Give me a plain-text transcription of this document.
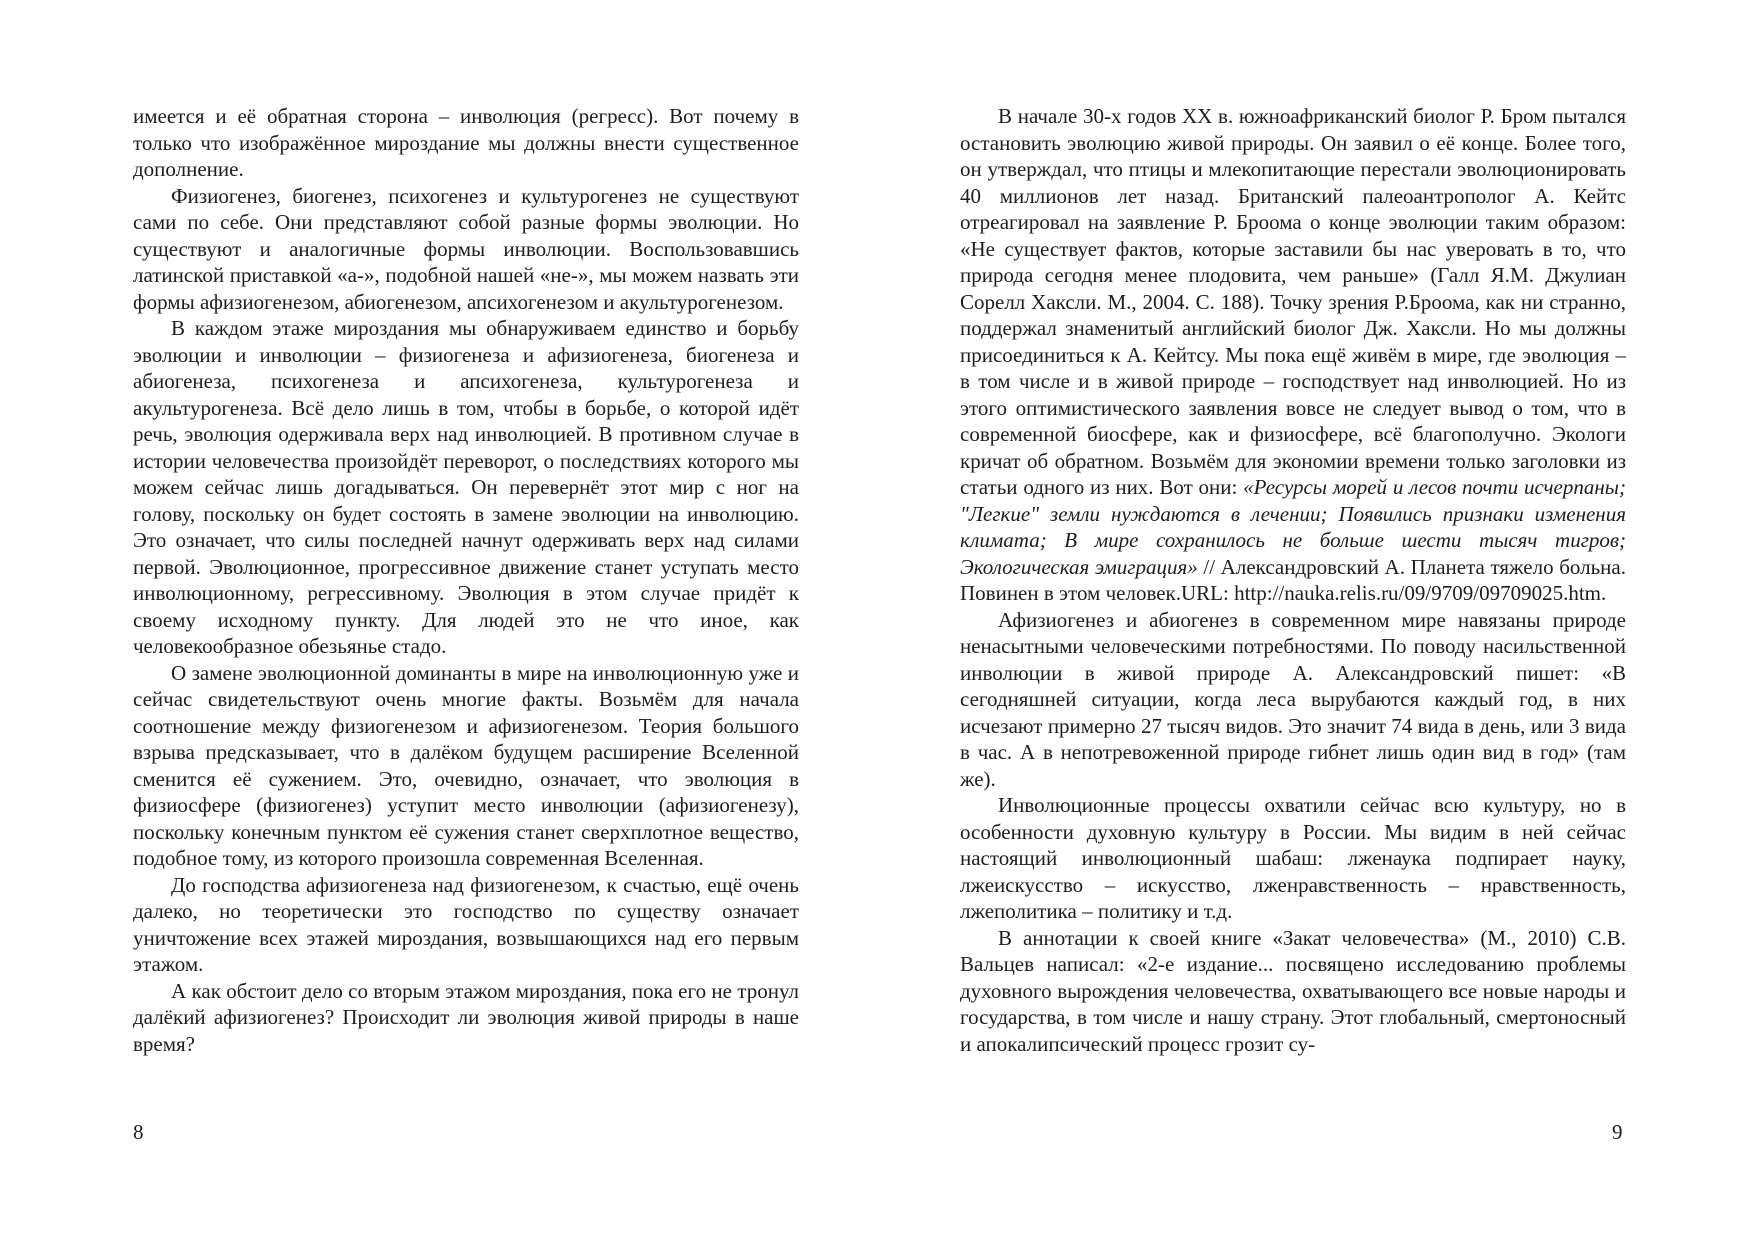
имеется и её обратная сторона – инволюция (регресс). Вот почему в только что изображённое мироздание мы должны внести существенное дополнение.

Физиогенез, биогенез, психогенез и культурогенез не существуют сами по себе. Они представляют собой разные формы эволюции. Но существуют и аналогичные формы инволюции. Воспользовавшись латинской приставкой «а-», подобной нашей «не-», мы можем назвать эти формы афизиогенезом, абиогенезом, апсихогенезом и акультурогенезом.

В каждом этаже мироздания мы обнаруживаем единство и борьбу эволюции и инволюции – физиогенеза и афизиогенеза, биогенеза и абиогенеза, психогенеза и апсихогенеза, культурогенеза и акультурогенеза. Всё дело лишь в том, чтобы в борьбе, о которой идёт речь, эволюция одерживала верх над инволюцией. В противном случае в истории человечества произойдёт переворот, о последствиях которого мы можем сейчас лишь догадываться. Он перевернёт этот мир с ног на голову, поскольку он будет состоять в замене эволюции на инволюцию. Это означает, что силы последней начнут одерживать верх над силами первой. Эволюционное, прогрессивное движение станет уступать место инволюционному, регрессивному. Эволюция в этом случае придёт к своему исходному пункту. Для людей это не что иное, как человекообразное обезьянье стадо.

О замене эволюционной доминанты в мире на инволюционную уже и сейчас свидетельствуют очень многие факты. Возьмём для начала соотношение между физиогенезом и афизиогенезом. Теория большого взрыва предсказывает, что в далёком будущем расширение Вселенной сменится её сужением. Это, очевидно, означает, что эволюция в физиосфере (физиогенез) уступит место инволюции (афизиогенезу), поскольку конечным пунктом её сужения станет сверхплотное вещество, подобное тому, из которого произошла современная Вселенная.

До господства афизиогенеза над физиогенезом, к счастью, ещё очень далеко, но теоретически это господство по существу означает уничтожение всех этажей мироздания, возвышающихся над его первым этажом.

А как обстоит дело со вторым этажом мироздания, пока его не тронул далёкий афизиогенез? Происходит ли эволюция живой природы в наше время?

8

В начале 30-х годов XX в. южноафриканский биолог Р. Бром пытался остановить эволюцию живой природы. Он заявил о её конце. Более того, он утверждал, что птицы и млекопитающие перестали эволюционировать 40 миллионов лет назад. Британский палеоантрополог А. Кейтс отреагировал на заявление Р. Броома о конце эволюции таким образом: «Не существует фактов, которые заставили бы нас уверовать в то, что природа сегодня менее плодовита, чем раньше» (Галл Я.М. Джулиан Сорелл Хаксли. М., 2004. С. 188). Точку зрения Р.Броома, как ни странно, поддержал знаменитый английский биолог Дж. Хаксли. Но мы должны присоединиться к А. Кейтсу. Мы пока ещё живём в мире, где эволюция – в том числе и в живой природе – господствует над инволюцией. Но из этого оптимистического заявления вовсе не следует вывод о том, что в современной биосфере, как и физиосфере, всё благополучно. Экологи кричат об обратном. Возьмём для экономии времени только заголовки из статьи одного из них. Вот они: «Ресурсы морей и лесов почти исчерпаны; "Легкие" земли нуждаются в лечении; Появились признаки изменения климата; В мире сохранилось не больше шести тысяч тигров; Экологическая эмиграция» // Александровский А. Планета тяжело больна. Повинен в этом человек.URL: http://nauka.relis.ru/09/9709/09709025.htm.

Афизиогенез и абиогенез в современном мире навязаны природе ненасытными человеческими потребностями. По поводу насильственной инволюции в живой природе А. Александровский пишет: «В сегодняшней ситуации, когда леса вырубаются каждый год, в них исчезают примерно 27 тысяч видов. Это значит 74 вида в день, или 3 вида в час. А в непотревоженной природе гибнет лишь один вид в год» (там же).

Инволюционные процессы охватили сейчас всю культуру, но в особенности духовную культуру в России. Мы видим в ней сейчас настоящий инволюционный шабаш: лженаука подпирает науку, лжеискусство – искусство, лженравственность – нравственность, лжеполитика – политику и т.д.

В аннотации к своей книге «Закат человечества» (М., 2010) С.В. Вальцев написал: «2-е издание... посвящено исследованию проблемы духовного вырождения человечества, охватывающего все новые народы и государства, в том числе и нашу страну. Этот глобальный, смертоносный и апокалипсический процесс грозит су-

9
